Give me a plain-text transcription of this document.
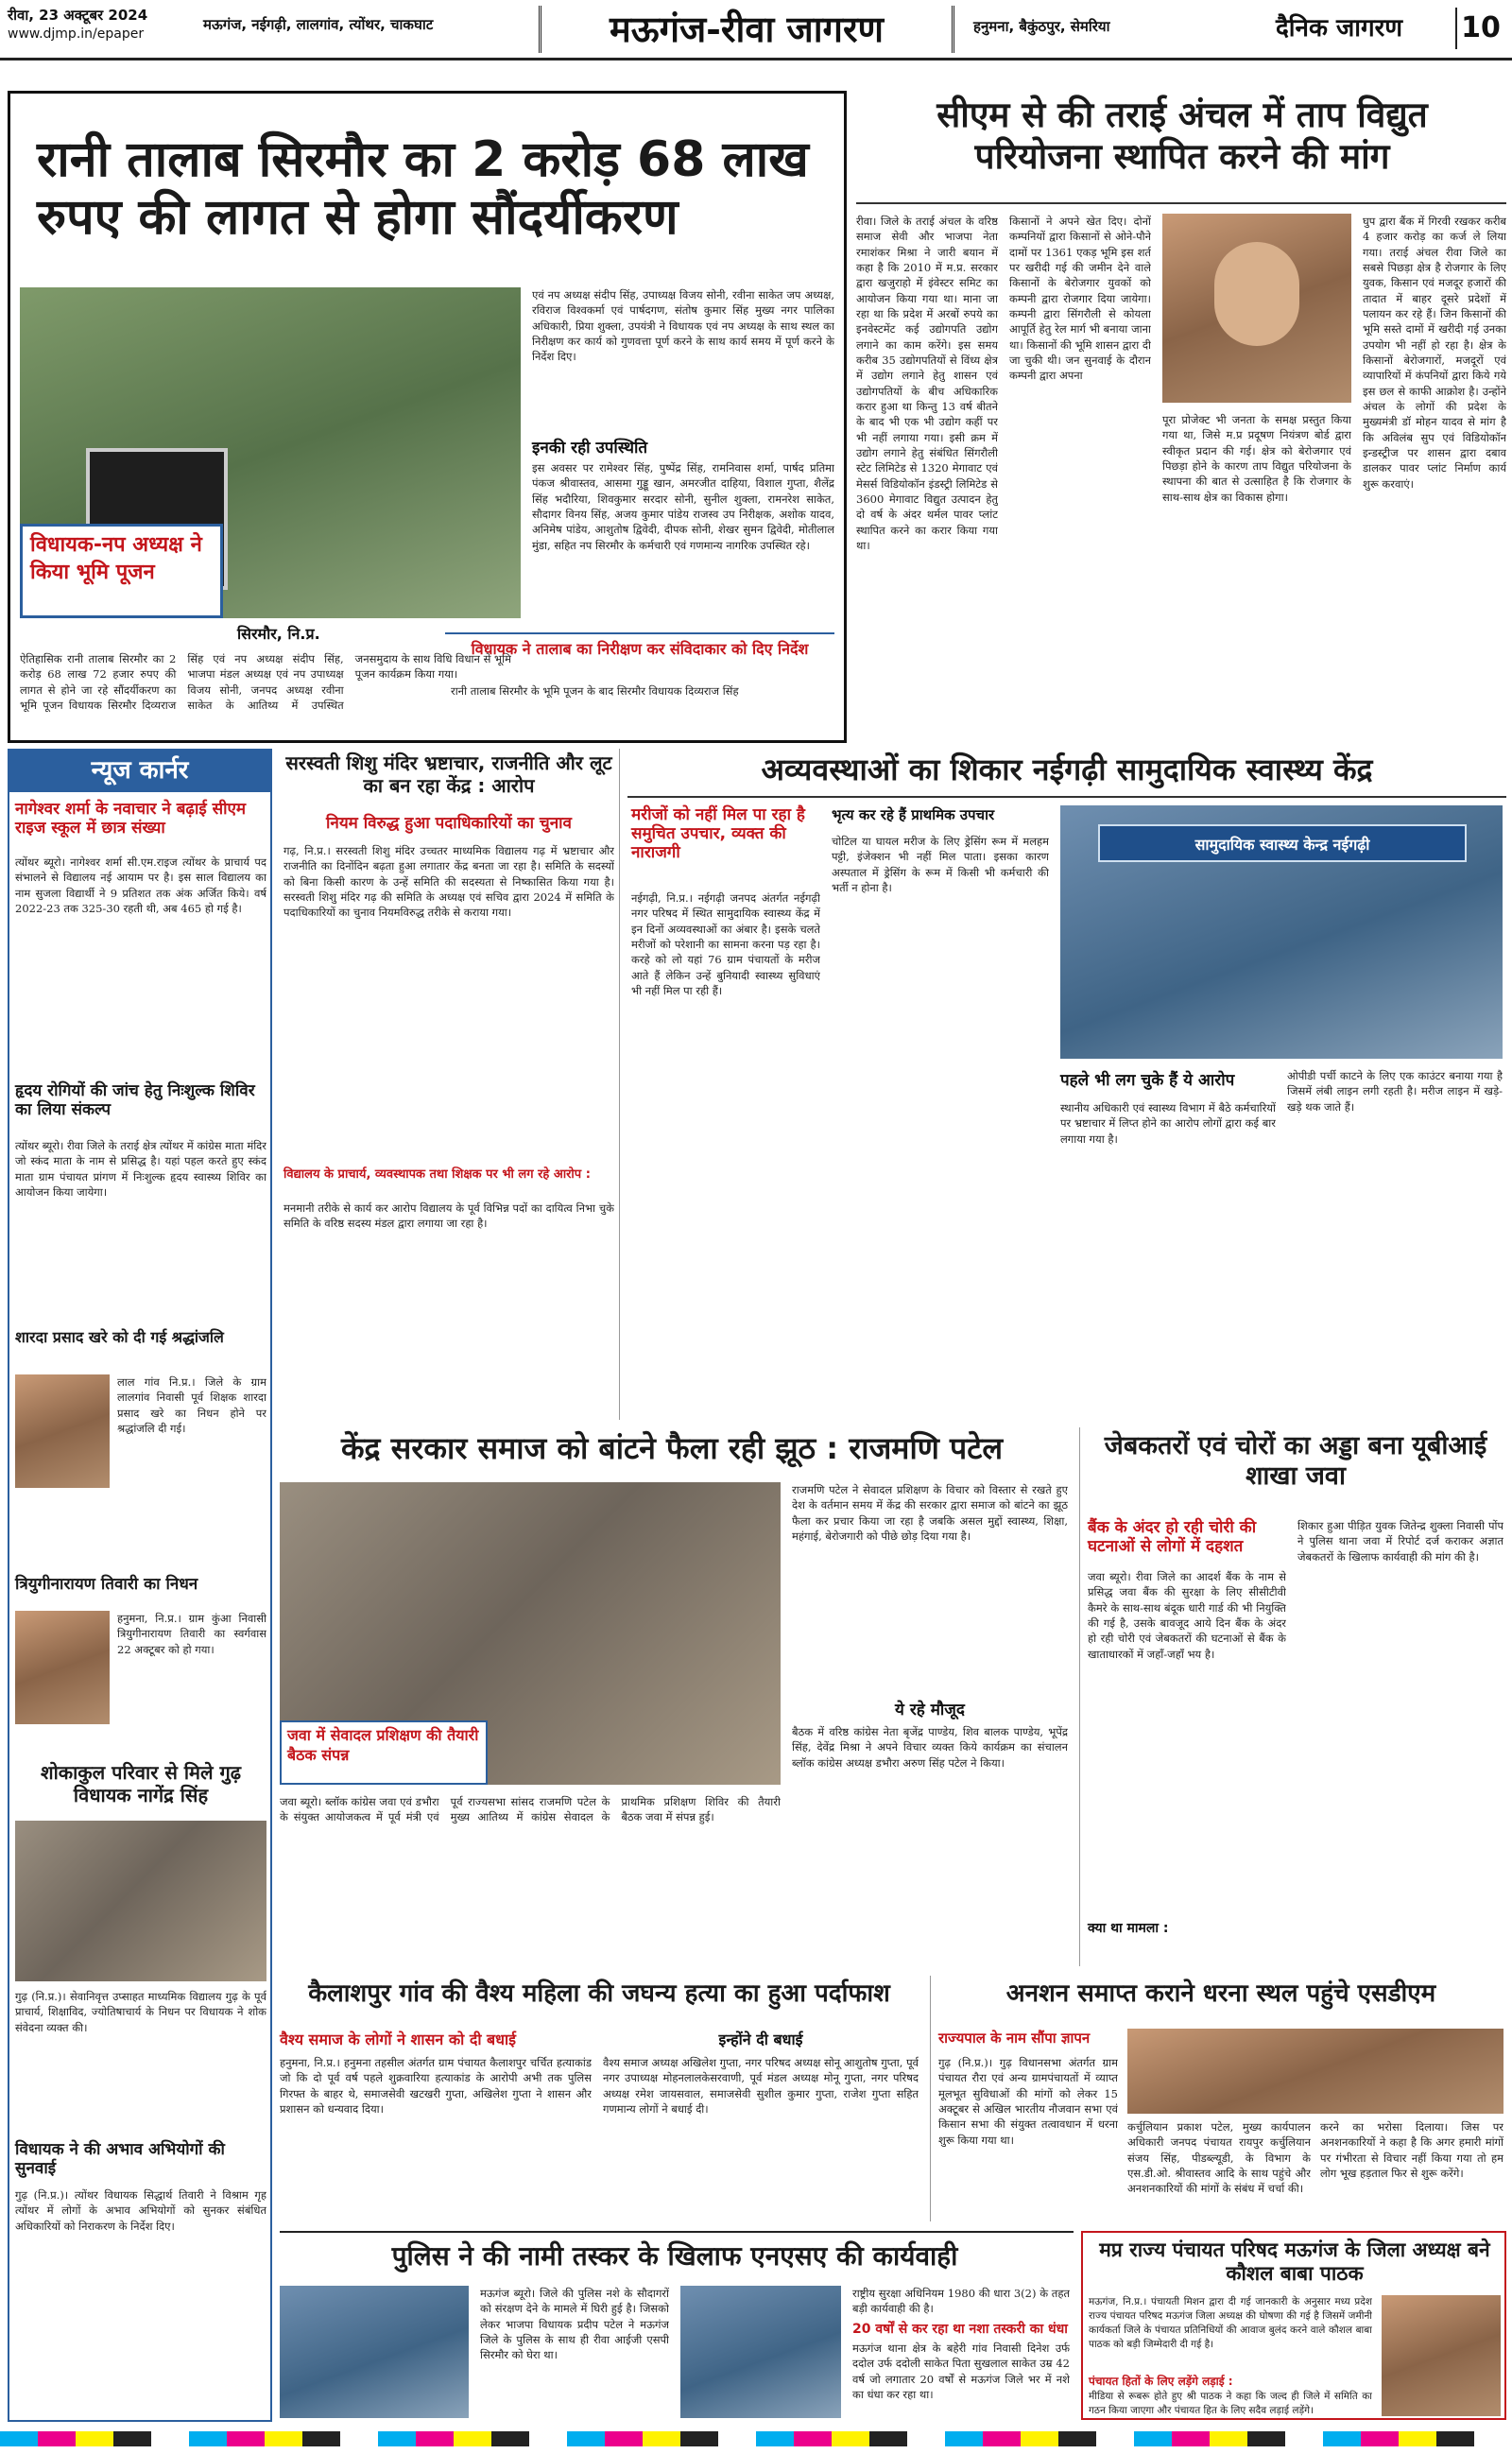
रीवा, 23 अक्टूबर 2024
www.djmp.in/epaper
मऊगंज, नईगढ़ी, लालगांव, त्योंथर, चाकघाट	मऊगंज-रीवा जागरण	हनुमना, बैकुंठपुर, सेमरिया	दैनिक जागरण 10
रानी तालाब सिरमौर का 2 करोड़ 68 लाख रुपए की लागत से होगा सौंदर्यीकरण
विधायक-नप अध्यक्ष ने किया भूमि पूजन
सिरमौर, नि.प्र.
ऐतिहासिक रानी तालाब सिरमौर का 2 करोड़ 68 लाख 72 हजार रुपए की लागत से होने जा रहे सौंदर्यीकरण का भूमि पूजन विधायक सिरमौर दिव्यराज सिंह एवं नप अध्यक्ष संदीप सिंह, भाजपा मंडल अध्यक्ष एवं नप उपाध्यक्ष विजय सोनी, जनपद अध्यक्ष रवीना साकेत के आतिथ्य में उपस्थित जनसमुदाय के साथ विधि विधान से भूमि पूजन कार्यक्रम किया गया।
एवं नप अध्यक्ष संदीप सिंह, उपाध्यक्ष विजय सोनी, रवीना साकेत जप अध्यक्ष, रविराज विश्वकर्मा एवं पार्षदगण, संतोष कुमार सिंह मुख्य नगर पालिका अधिकारी, प्रिया शुक्ला, उपयंत्री ने विधायक एवं नप अध्यक्ष के साथ स्थल का निरीक्षण कर कार्य को गुणवत्ता पूर्ण करने के साथ कार्य समय में पूर्ण करने के निर्देश दिए।
इनकी रही उपस्थिति
इस अवसर पर रामेश्वर सिंह, पुष्पेंद्र सिंह, रामनिवास शर्मा, पार्षद प्रतिमा पंकज श्रीवास्तव, आसमा गुड्डू खान, अमरजीत दाहिया, विशाल गुप्ता, शैलेंद्र सिंह भदौरिया, शिवकुमार सरदार सोनी, सुनील शुक्ला, रामनरेश साकेत, सौदागर विनय सिंह, अजय कुमार पांडेय राजस्व उप निरीक्षक, अशोक यादव, अनिमेष पांडेय, आशुतोष द्विवेदी, दीपक सोनी, शेखर सुमन द्विवेदी, मोतीलाल मुंडा, सहित नप सिरमौर के कर्मचारी एवं गणमान्य नागरिक उपस्थित रहे।
विधायक ने तालाब का निरीक्षण कर संविदाकार को दिए निर्देश
रानी तालाब सिरमौर के भूमि पूजन के बाद सिरमौर विधायक दिव्यराज सिंह
सीएम से की तराई अंचल में ताप विद्युत परियोजना स्थापित करने की मांग
रीवा। जिले के तराई अंचल के वरिष्ठ समाज सेवी और भाजपा नेता रमाशंकर मिश्रा ने जारी बयान में कहा है कि 2010 में म.प्र. सरकार द्वारा खजुराहो में इंवेस्टर समिट का आयोजन किया गया था। माना जा रहा था कि प्रदेश में अरबों रुपये का इनवेस्टमेंट कई उद्योगपति उद्योग लगाने का काम करेंगे। इस समय करीब 35 उद्योगपतियों से विंध्य क्षेत्र में उद्योग लगाने हेतु शासन एवं उद्योगपतियों के बीच अधिकारिक करार हुआ था किन्तु 13 वर्ष बीतने के बाद भी एक भी उद्योग कहीं पर भी नहीं लगाया गया। इसी क्रम में उद्योग लगाने हेतु संबंधित सिंगरौली स्टेट लिमिटेड से 1320 मेगावाट एवं मेसर्स विडियोकॉन इंडस्ट्री लिमिटेड से 3600 मेगावाट विद्युत उत्पादन हेतु दो वर्ष के अंदर थर्मल पावर प्लांट स्थापित करने का करार किया गया था।
किसानों ने अपने खेत दिए। दोनों कम्पनियों द्वारा किसानों से ओने-पौने दामों पर 1361 एकड़ भूमि इस शर्त पर खरीदी गई की जमीन देने वाले किसानों के बेरोजगार युवकों को कम्पनी द्वारा रोजगार दिया जायेगा। कम्पनी द्वारा सिंगरौली से कोयला आपूर्ति हेतु रेल मार्ग भी बनाया जाना था। किसानों की भूमि शासन द्वारा दी जा चुकी थी। जन सुनवाई के दौरान कम्पनी द्वारा अपना
पूरा प्रोजेक्ट भी जनता के समक्ष प्रस्तुत किया गया था, जिसे म.प्र प्रदूषण नियंत्रण बोर्ड द्वारा स्वीकृत प्रदान की गई। क्षेत्र को बेरोजगार एवं पिछड़ा होने के कारण ताप विद्युत परियोजना के स्थापना की बात से उत्साहित है कि रोजगार के साथ-साथ क्षेत्र का विकास होगा।
घुप द्वारा बैंक में गिरवी रखकर करीब 4 हजार करोड़ का कर्ज ले लिया गया। तराई अंचल रीवा जिले का सबसे पिछड़ा क्षेत्र है रोजगार के लिए युवक, किसान एवं मजदूर हजारों की तादात में बाहर दूसरे प्रदेशों में पलायन कर रहे हैं। जिन किसानों की भूमि सस्ते दामों में खरीदी गई उनका उपयोग भी नहीं हो रहा है। क्षेत्र के किसानों बेरोजगारों, मजदूरों एवं व्यापारियों में कंपनियों द्वारा किये गये इस छल से काफी आक्रोश है। उन्होंने अंचल के लोगों की प्रदेश के मुख्यमंत्री डॉ मोहन यादव से मांग है कि अविलंब सुप एवं विडियोकॉन इन्डस्ट्रीज पर शासन द्वारा दबाव डालकर पावर प्लांट निर्माण कार्य शुरू करवाएं।
न्यूज कार्नर
नागेश्वर शर्मा के नवाचार ने बढ़ाई सीएम राइज स्कूल में छात्र संख्या
त्योंथर ब्यूरो। नागेश्वर शर्मा सी.एम.राइज त्योंथर के प्राचार्य पद संभालने से विद्यालय नई आयाम पर है। इस साल विद्यालय का नाम सुजला विद्यार्थी ने 9 प्रतिशत तक अंक अर्जित किये। वर्ष 2022-23 तक 325-30 रहती थी, अब 465 हो गई है।
हृदय रोगियों की जांच हेतु निःशुल्क शिविर का लिया संकल्प
त्योंथर ब्यूरो। रीवा जिले के तराई क्षेत्र त्योंथर में कांग्रेस माता मंदिर जो स्कंद माता के नाम से प्रसिद्ध है। यहां पहल करते हुए स्कंद माता ग्राम पंचायत प्रांगण में निःशुल्क हृदय स्वास्थ्य शिविर का आयोजन किया जायेगा।
शारदा प्रसाद खरे को दी गई श्रद्धांजलि
लाल गांव नि.प्र.। जिले के ग्राम लालगांव निवासी पूर्व शिक्षक शारदा प्रसाद खरे का निधन होने पर श्रद्धांजलि दी गई।
त्रियुगीनारायण तिवारी का निधन
हनुमना, नि.प्र.। ग्राम कुंआ निवासी त्रियुगीनारायण तिवारी का स्वर्गवास 22 अक्टूबर को हो गया।
शोकाकुल परिवार से मिले गुढ़ विधायक नागेंद्र सिंह
गुढ़ (नि.प्र.)। सेवानिवृत्त उप्साहत माध्यमिक विद्यालय गुढ़ के पूर्व प्राचार्य, शिक्षाविद, ज्योतिषाचार्य के निधन पर विधायक ने शोक संवेदना व्यक्त की।
विधायक ने की अभाव अभियोगों की सुनवाई
गुढ़ (नि.प्र.)। त्योंथर विधायक सिद्धार्थ तिवारी ने विश्राम गृह त्योंथर में लोगों के अभाव अभियोगों को सुनकर संबंधित अधिकारियों को निराकरण के निर्देश दिए।
सरस्वती शिशु मंदिर भ्रष्टाचार, राजनीति और लूट का बन रहा केंद्र : आरोप
नियम विरुद्ध हुआ पदाधिकारियों का चुनाव
गढ़, नि.प्र.। सरस्वती शिशु मंदिर उच्चतर माध्यमिक विद्यालय गढ़ में भ्रष्टाचार और राजनीति का दिनोंदिन बढ़ता हुआ लगातार केंद्र बनता जा रहा है। समिति के सदस्यों को बिना किसी कारण के उन्हें समिति की सदस्यता से निष्कासित किया गया है। सरस्वती शिशु मंदिर गढ़ की समिति के अध्यक्ष एवं सचिव द्वारा 2024 में समिति के पदाधिकारियों का चुनाव नियमविरुद्ध तरीके से कराया गया।
विद्यालय के प्राचार्य, व्यवस्थापक तथा शिक्षक पर भी लग रहे आरोप :
मनमानी तरीके से कार्य कर आरोप विद्यालय के पूर्व विभिन्न पदों का दायित्व निभा चुके समिति के वरिष्ठ सदस्य मंडल द्वारा लगाया जा रहा है।
अव्यवस्थाओं का शिकार नईगढ़ी सामुदायिक स्वास्थ्य केंद्र
मरीजों को नहीं मिल पा रहा है समुचित उपचार, व्यक्त की नाराजगी
नईगढ़ी, नि.प्र.। नईगढ़ी जनपद अंतर्गत नईगढ़ी नगर परिषद में स्थित सामुदायिक स्वास्थ्य केंद्र में इन दिनों अव्यवस्थाओं का अंबार है। इसके चलते मरीजों को परेशानी का सामना करना पड़ रहा है। करहे को लो यहां 76 ग्राम पंचायतों के मरीज आते हैं लेकिन उन्हें बुनियादी स्वास्थ्य सुविधाएं भी नहीं मिल पा रही हैं।
भृत्य कर रहे हैं प्राथमिक उपचार
चोटिल या घायल मरीज के लिए ड्रेसिंग रूम में मलहम पट्टी, इंजेक्शन भी नहीं मिल पाता। इसका कारण अस्पताल में ड्रेसिंग के रूम में किसी भी कर्मचारी की भर्ती न होना है।
सामुदायिक स्वास्थ्य केन्द्र नईगढ़ी
पहले भी लग चुके हैं ये आरोप
स्थानीय अधिकारी एवं स्वास्थ्य विभाग में बैठे कर्मचारियों पर भ्रष्टाचार में लिप्त होने का आरोप लोगों द्वारा कई बार लगाया गया है।
ओपीडी पर्ची काटने के लिए एक काउंटर बनाया गया है जिसमें लंबी लाइन लगी रहती है। मरीज लाइन में खड़े-खड़े थक जाते हैं।
केंद्र सरकार समाज को बांटने फैला रही झूठ : राजमणि पटेल
जवा में सेवादल प्रशिक्षण की तैयारी बैठक संपन्न
जवा ब्यूरो। ब्लॉक कांग्रेस जवा एवं डभौरा के संयुक्त आयोजकत्व में पूर्व मंत्री एवं पूर्व राज्यसभा सांसद राजमणि पटेल के मुख्य आतिथ्य में कांग्रेस सेवादल के प्राथमिक प्रशिक्षण शिविर की तैयारी बैठक जवा में संपन्न हुई।
राजमणि पटेल ने सेवादल प्रशिक्षण के विचार को विस्तार से रखते हुए देश के वर्तमान समय में केंद्र की सरकार द्वारा समाज को बांटने का झूठ फैला कर प्रचार किया जा रहा है जबकि असल मुद्दों स्वास्थ्य, शिक्षा, महंगाई, बेरोजगारी को पीछे छोड़ दिया गया है।
ये रहे मौजूद
बैठक में वरिष्ठ कांग्रेस नेता बृजेंद्र पाण्डेय, शिव बालक पाण्डेय, भूपेंद्र सिंह, देवेंद्र मिश्रा ने अपने विचार व्यक्त किये कार्यक्रम का संचालन ब्लॉक कांग्रेस अध्यक्ष डभौरा अरुण सिंह पटेल ने किया।
जेबकतरों एवं चोरों का अड्डा बना यूबीआई शाखा जवा
बैंक के अंदर हो रही चोरी की घटनाओं से लोगों में दहशत
जवा ब्यूरो। रीवा जिले का आदर्श बैंक के नाम से प्रसिद्ध जवा बैंक की सुरक्षा के लिए सीसीटीवी कैमरे के साथ-साथ बंदूक धारी गार्ड की भी नियुक्ति की गई है, उसके बावजूद आये दिन बैंक के अंदर हो रही चोरी एवं जेबकतरों की घटनाओं से बैंक के खाताधारकों में जहाँ-जहाँ भय है।
क्या था मामला :
शिकार हुआ पीड़ित युवक जितेन्द्र शुक्ला निवासी पोंप ने पुलिस थाना जवा में रिपोर्ट दर्ज कराकर अज्ञात जेबकतरों के खिलाफ कार्यवाही की मांग की है।
कैलाशपुर गांव की वैश्य महिला की जघन्य हत्या का हुआ पर्दाफाश
वैश्य समाज के लोगों ने शासन को दी बधाई
हनुमना, नि.प्र.। हनुमना तहसील अंतर्गत ग्राम पंचायत कैलाशपुर चर्चित हत्याकांड जो कि दो पूर्व वर्ष पहले शुक्रवारिया हत्याकांड के आरोपी अभी तक पुलिस गिरफ्त के बाहर थे, समाजसेवी खटखरी गुप्ता, अखिलेश गुप्ता ने शासन और प्रशासन को धन्यवाद दिया।
इन्होंने दी बधाई
वैश्य समाज अध्यक्ष अखिलेश गुप्ता, नगर परिषद अध्यक्ष सोनू आशुतोष गुप्ता, पूर्व नगर उपाध्यक्ष मोहनलालकेसरवाणी, पूर्व मंडल अध्यक्ष मोनू गुप्ता, नगर परिषद अध्यक्ष रमेश जायसवाल, समाजसेवी सुशील कुमार गुप्ता, राजेश गुप्ता सहित गणमान्य लोगों ने बधाई दी।
अनशन समाप्त कराने धरना स्थल पहुंचे एसडीएम
राज्यपाल के नाम सौंपा ज्ञापन
गुढ़ (नि.प्र.)। गुढ़ विधानसभा अंतर्गत ग्राम पंचायत रौरा एवं अन्य ग्रामपंचायतों में व्याप्त मूलभूत सुविधाओं की मांगों को लेकर 15 अक्टूबर से अखिल भारतीय नौजवान सभा एवं किसान सभा की संयुक्त तत्वावधान में धरना शुरू किया गया था।
कर्चुलियान प्रकाश पटेल, मुख्य कार्यपालन अधिकारी जनपद पंचायत रायपुर कर्चुलियान संजय सिंह, पीडब्ल्यूडी, के विभाग के एस.डी.ओ. श्रीवास्तव आदि के साथ पहुंचे और अनशनकारियों की मांगों के संबंध में चर्चा की।
करने का भरोसा दिलाया। जिस पर अनशनकारियों ने कहा है कि अगर हमारी मांगों पर गंभीरता से विचार नहीं किया गया तो हम लोग भूख हड़ताल फिर से शुरू करेंगे।
पुलिस ने की नामी तस्कर के खिलाफ एनएसए की कार्यवाही
मऊगंज ब्यूरो। जिले की पुलिस नशे के सौदागरों को संरक्षण देने के मामले में घिरी हुई है। जिसको लेकर भाजपा विधायक प्रदीप पटेल ने मऊगंज जिले के पुलिस के साथ ही रीवा आईजी एसपी सिरमौर को घेरा था।
राष्ट्रीय सुरक्षा अधिनियम 1980 की धारा 3(2) के तहत बड़ी कार्यवाही की है।
20 वर्षों से कर रहा था नशा तस्करी का धंधा
मऊगंज थाना क्षेत्र के बहेरी गांव निवासी दिनेश उर्फ ददोल उर्फ ददोली साकेत पिता सुखलाल साकेत उम्र 42 वर्ष जो लगातार 20 वर्षों से मऊगंज जिले भर में नशे का धंधा कर रहा था।
मप्र राज्य पंचायत परिषद मऊगंज के जिला अध्यक्ष बने कौशल बाबा पाठक
मऊगंज, नि.प्र.। पंचायती मिशन द्वारा दी गई जानकारी के अनुसार मध्य प्रदेश राज्य पंचायत परिषद मऊगंज जिला अध्यक्ष की घोषणा की गई है जिसमें जमीनी कार्यकर्ता जिले के पंचायत प्रतिनिधियों की आवाज बुलंद करने वाले कौशल बाबा पाठक को बड़ी जिम्मेदारी दी गई है।
पंचायत हितों के लिए लड़ेंगे लड़ाई :
मीडिया से रूबरू होते हुए श्री पाठक ने कहा कि जल्द ही जिले में समिति का गठन किया जाएगा और पंचायत हित के लिए सदैव लड़ाई लड़ेंगे।
